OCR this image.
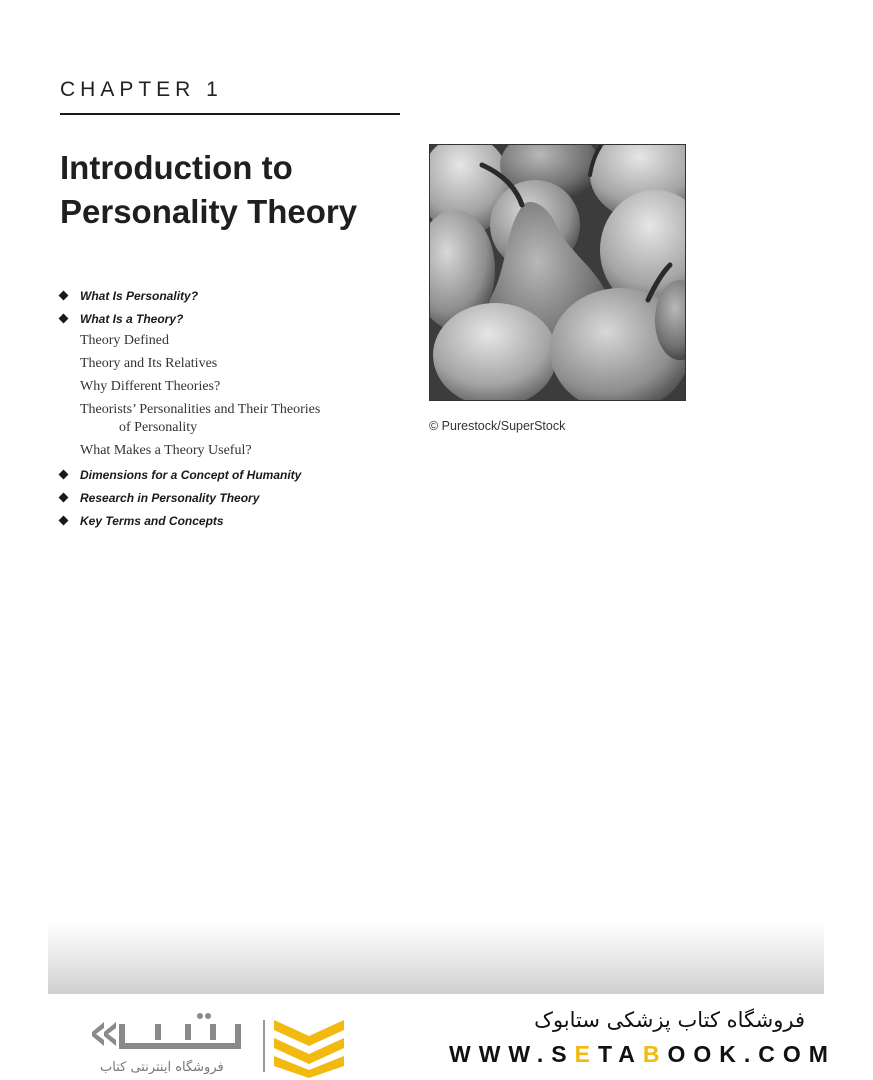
CHAPTER 1
Introduction to
Personality Theory
What Is Personality?
What Is a Theory?
Theory Defined
Theory and Its Relatives
Why Different Theories?
Theorists’ Personalities and Their Theories
of Personality
What Makes a Theory Useful?
Dimensions for a Concept of Humanity
Research in Personality Theory
Key Terms and Concepts
© Purestock/SuperStock
فروشگاه اینترنتی کتاب
فروشگاه کتاب پزشکی ستابوک
WWW.SETABOOK.COM
